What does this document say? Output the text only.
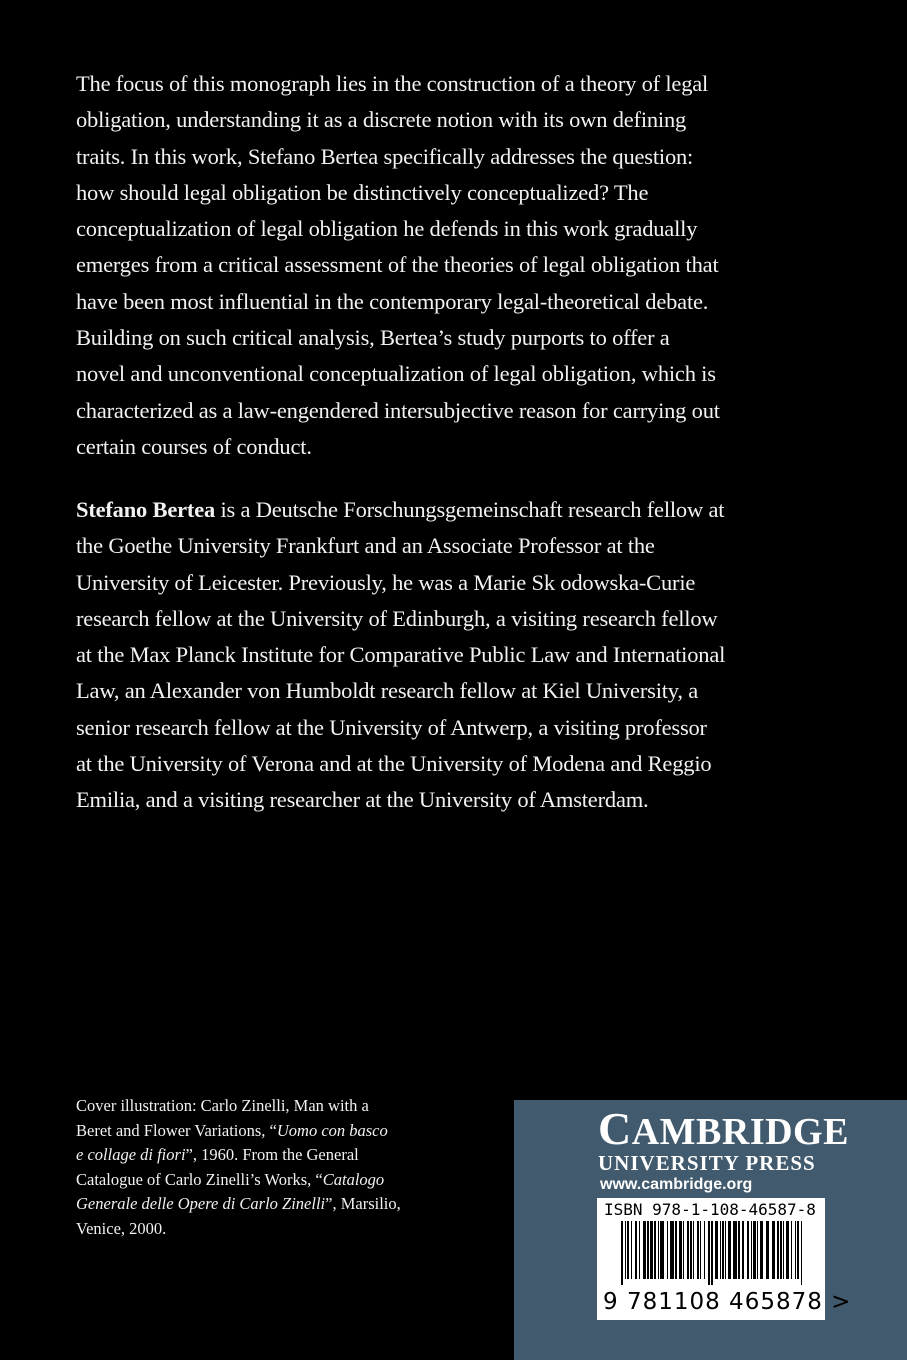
The focus of this monograph lies in the construction of a theory of legal
obligation, understanding it as a discrete notion with its own defining
traits. In this work, Stefano Bertea specifically addresses the question:
how should legal obligation be distinctively conceptualized? The
conceptualization of legal obligation he defends in this work gradually
emerges from a critical assessment of the theories of legal obligation that
have been most influential in the contemporary legal-theoretical debate.
Building on such critical analysis, Bertea’s study purports to offer a
novel and unconventional conceptualization of legal obligation, which is
characterized as a law-engendered intersubjective reason for carrying out
certain courses of conduct.
Stefano Bertea is a Deutsche Forschungsgemeinschaft research fellow at
the Goethe University Frankfurt and an Associate Professor at the
University of Leicester. Previously, he was a Marie Sk odowska-Curie
research fellow at the University of Edinburgh, a visiting research fellow
at the Max Planck Institute for Comparative Public Law and International
Law, an Alexander von Humboldt research fellow at Kiel University, a
senior research fellow at the University of Antwerp, a visiting professor
at the University of Verona and at the University of Modena and Reggio
Emilia, and a visiting researcher at the University of Amsterdam.
Cover illustration: Carlo Zinelli, Man with a
Beret and Flower Variations, “Uomo con basco
e collage di fiori”, 1960. From the General
Catalogue of Carlo Zinelli’s Works, “Catalogo
Generale delle Opere di Carlo Zinelli”, Marsilio,
Venice, 2000.
CAMBRIDGE
UNIVERSITY PRESS
www.cambridge.org
ISBN 978-1-108-46587-8
9 781108 465878 >
